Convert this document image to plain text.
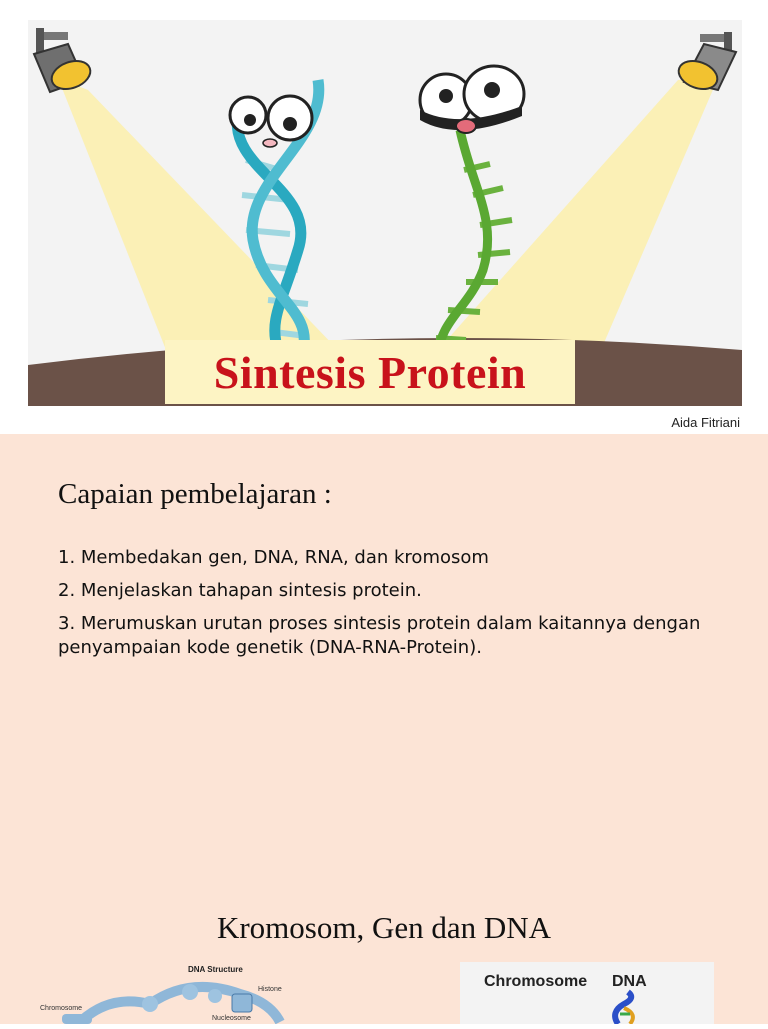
Sintesis Protein
Aida Fitriani
Capaian pembelajaran :
1. Membedakan gen, DNA, RNA, dan kromosom
2. Menjelaskan tahapan sintesis protein.
3. Merumuskan urutan proses sintesis protein dalam kaitannya dengan penyampaian kode genetik (DNA-RNA-Protein).
Kromosom, Gen dan DNA
DNA Structure
Histone
Chromosome
Nucleosome
Chromosome DNA
